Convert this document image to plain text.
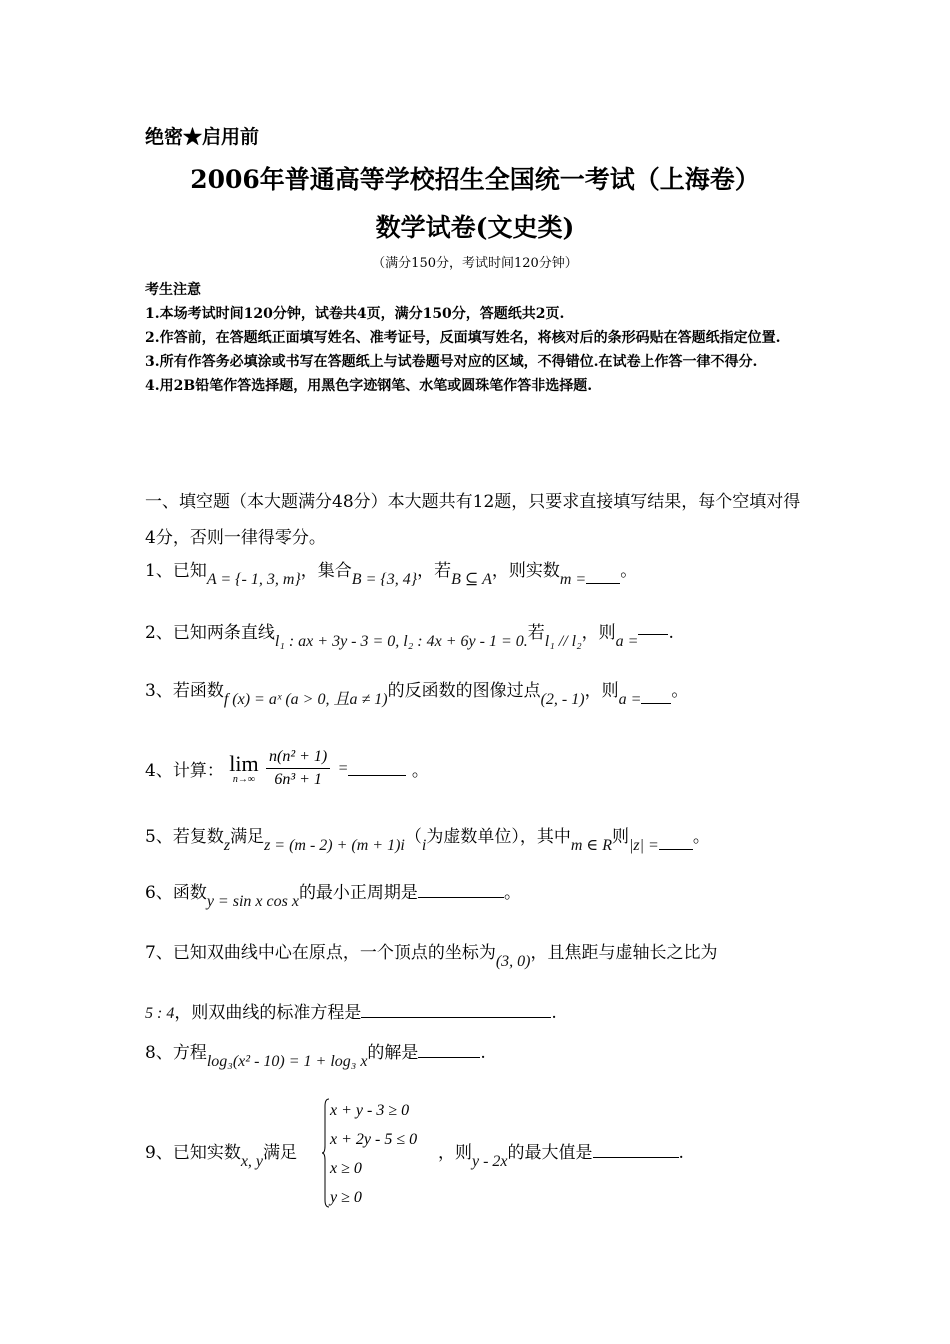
绝密★启用前
2006年普通高等学校招生全国统一考试（上海卷）
数学试卷(文史类)
（满分150分，考试时间120分钟）

考生注意

1.本场考试时间120分钟，试卷共4页，满分150分，答题纸共2页.

2.作答前，在答题纸正面填写姓名、准考证号，反面填写姓名，将核对后的条形码贴在答题纸指定位置.

3.所有作答务必填涂或书写在答题纸上与试卷题号对应的区域，不得错位.在试卷上作答一律不得分.

4.用2B铅笔作答选择题，用黑色字迹钢笔、水笔或圆珠笔作答非选择题.

一、填空题（本大题满分48分）本大题共有12题，只要求直接填写结果，每个空填对得4分，否则一律得零分。
1、已知A = {- 1, 3, m}，集合B = {3, 4}，若B ⊆ A，则实数m = 。
2、已知两条直线l₁ : ax + 3y - 3 = 0, l₂ : 4x + 6y - 1 = 0.若l₁ // l₂，则a = .
3、若函数f (x) = aˣ (a > 0, 且a ≠ 1)的反函数的图像过点(2, - 1)，则a = 。
4、计算： lim
n→∞
$\frac{\text{n(n² + 1)}}{\text{6n³ + 1}}$ =	。
5、若复数z满足z = (m - 2) + (m + 1)i（i为虚数单位），其中m ∈ R则|z| = 。
6、函数y = sin x cos x的最小正周期是	。
7、已知双曲线中心在原点，一个顶点的坐标为(3, 0)，且焦距与虚轴长之比为
5 : 4，则双曲线的标准方程是	.
8、方程log₃(x² - 10) = 1 + log₃ x的解是	.
9、已知实数x, y满足
x + y - 3 ≥ 0
x + 2y - 5 ≤ 0
x ≥ 0
y ≥ 0
，则y - 2x的最大值是	.
